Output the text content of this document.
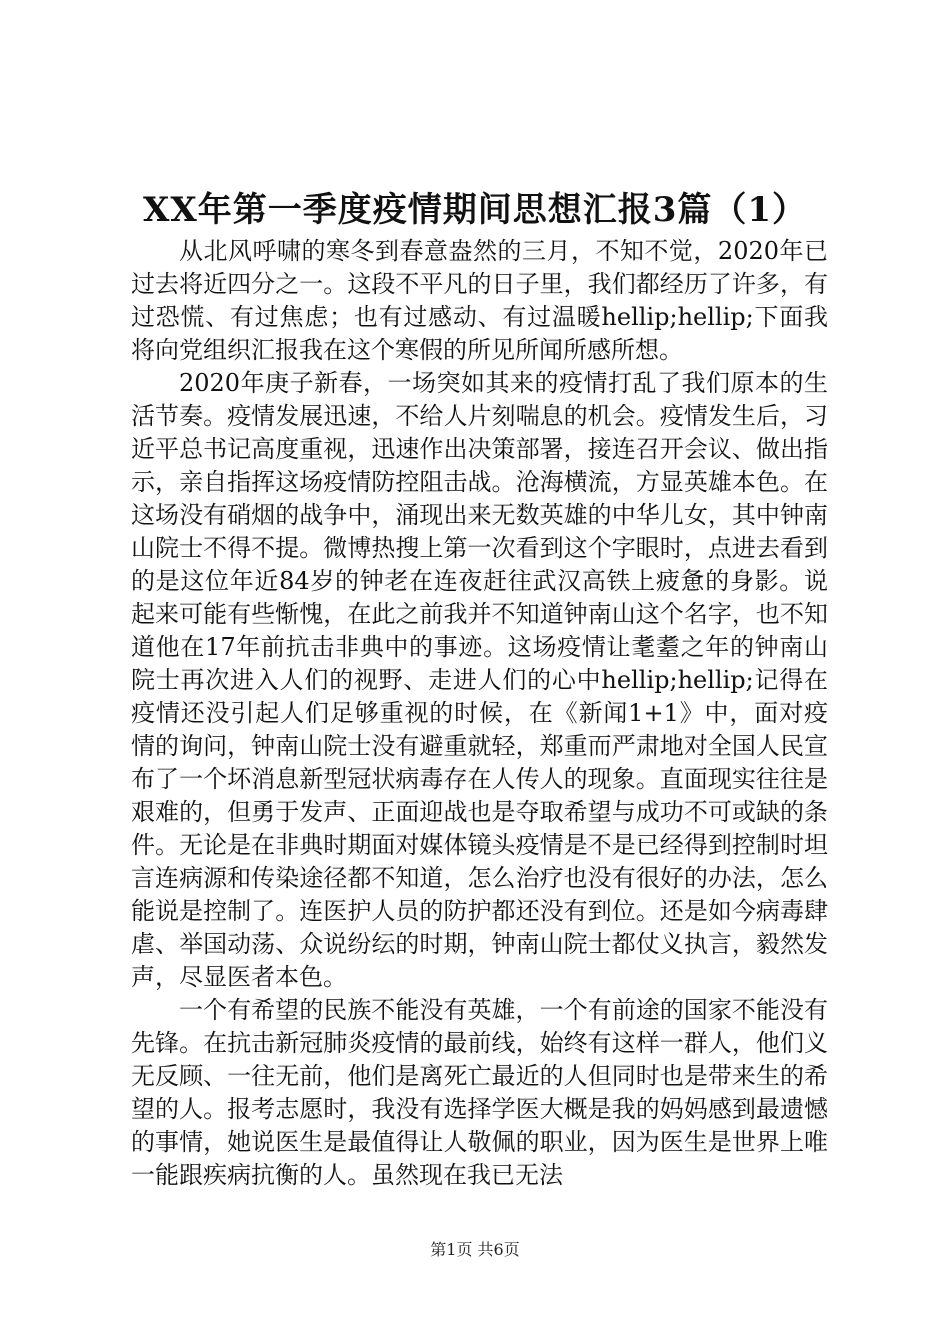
XX年第一季度疫情期间思想汇报3篇（1）

从北风呼啸的寒冬到春意盎然的三月，不知不觉，2020年已过去将近四分之一。这段不平凡的日子里，我们都经历了许多，有过恐慌、有过焦虑；也有过感动、有过温暖hellip;hellip;下面我将向党组织汇报我在这个寒假的所见所闻所感所想。

2020年庚子新春，一场突如其来的疫情打乱了我们原本的生活节奏。疫情发展迅速，不给人片刻喘息的机会。疫情发生后，习近平总书记高度重视，迅速作出决策部署，接连召开会议、做出指示，亲自指挥这场疫情防控阻击战。沧海横流，方显英雄本色。在这场没有硝烟的战争中，涌现出来无数英雄的中华儿女，其中钟南山院士不得不提。微博热搜上第一次看到这个字眼时，点进去看到的是这位年近84岁的钟老在连夜赶往武汉高铁上疲惫的身影。说起来可能有些惭愧，在此之前我并不知道钟南山这个名字，也不知道他在17年前抗击非典中的事迹。这场疫情让耄耋之年的钟南山院士再次进入人们的视野、走进人们的心中hellip;hellip;记得在疫情还没引起人们足够重视的时候，在《新闻1+1》中，面对疫情的询问，钟南山院士没有避重就轻，郑重而严肃地对全国人民宣布了一个坏消息新型冠状病毒存在人传人的现象。直面现实往往是艰难的，但勇于发声、正面迎战也是夺取希望与成功不可或缺的条件。无论是在非典时期面对媒体镜头疫情是不是已经得到控制时坦言连病源和传染途径都不知道，怎么治疗也没有很好的办法，怎么能说是控制了。连医护人员的防护都还没有到位。还是如今病毒肆虐、举国动荡、众说纷纭的时期，钟南山院士都仗义执言，毅然发声，尽显医者本色。

一个有希望的民族不能没有英雄，一个有前途的国家不能没有先锋。在抗击新冠肺炎疫情的最前线，始终有这样一群人，他们义无反顾、一往无前，他们是离死亡最近的人但同时也是带来生的希望的人。报考志愿时，我没有选择学医大概是我的妈妈感到最遗憾的事情，她说医生是最值得让人敬佩的职业，因为医生是世界上唯一能跟疾病抗衡的人。虽然现在我已无法

第1页 共6页
